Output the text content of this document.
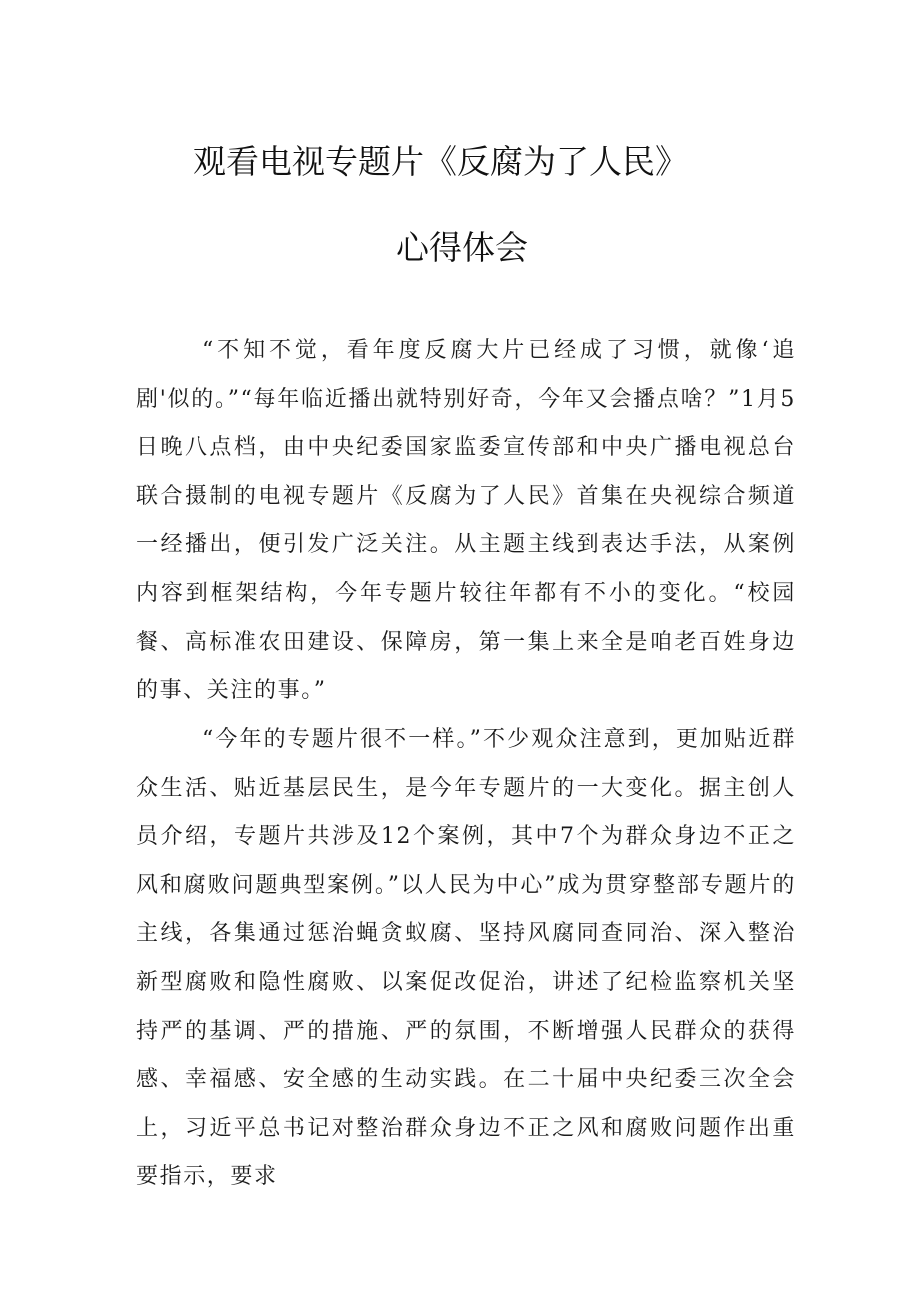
观看电视专题片《反腐为了人民》
心得体会

“不知不觉，看年度反腐大片已经成了习惯，就像‘追剧'似的。”“每年临近播出就特别好奇，今年又会播点啥？”1月5日晚八点档，由中央纪委国家监委宣传部和中央广播电视总台联合摄制的电视专题片《反腐为了人民》首集在央视综合频道一经播出，便引发广泛关注。从主题主线到表达手法，从案例内容到框架结构，今年专题片较往年都有不小的变化。“校园餐、高标准农田建设、保障房，第一集上来全是咱老百姓身边的事、关注的事。”

“今年的专题片很不一样。”不少观众注意到，更加贴近群众生活、贴近基层民生，是今年专题片的一大变化。据主创人员介绍，专题片共涉及12个案例，其中7个为群众身边不正之风和腐败问题典型案例。”以人民为中心”成为贯穿整部专题片的主线，各集通过惩治蝇贪蚁腐、坚持风腐同查同治、深入整治新型腐败和隐性腐败、以案促改促治，讲述了纪检监察机关坚持严的基调、严的措施、严的氛围，不断增强人民群众的获得感、幸福感、安全感的生动实践。在二十届中央纪委三次全会上，习近平总书记对整治群众身边不正之风和腐败问题作出重要指示，要求
